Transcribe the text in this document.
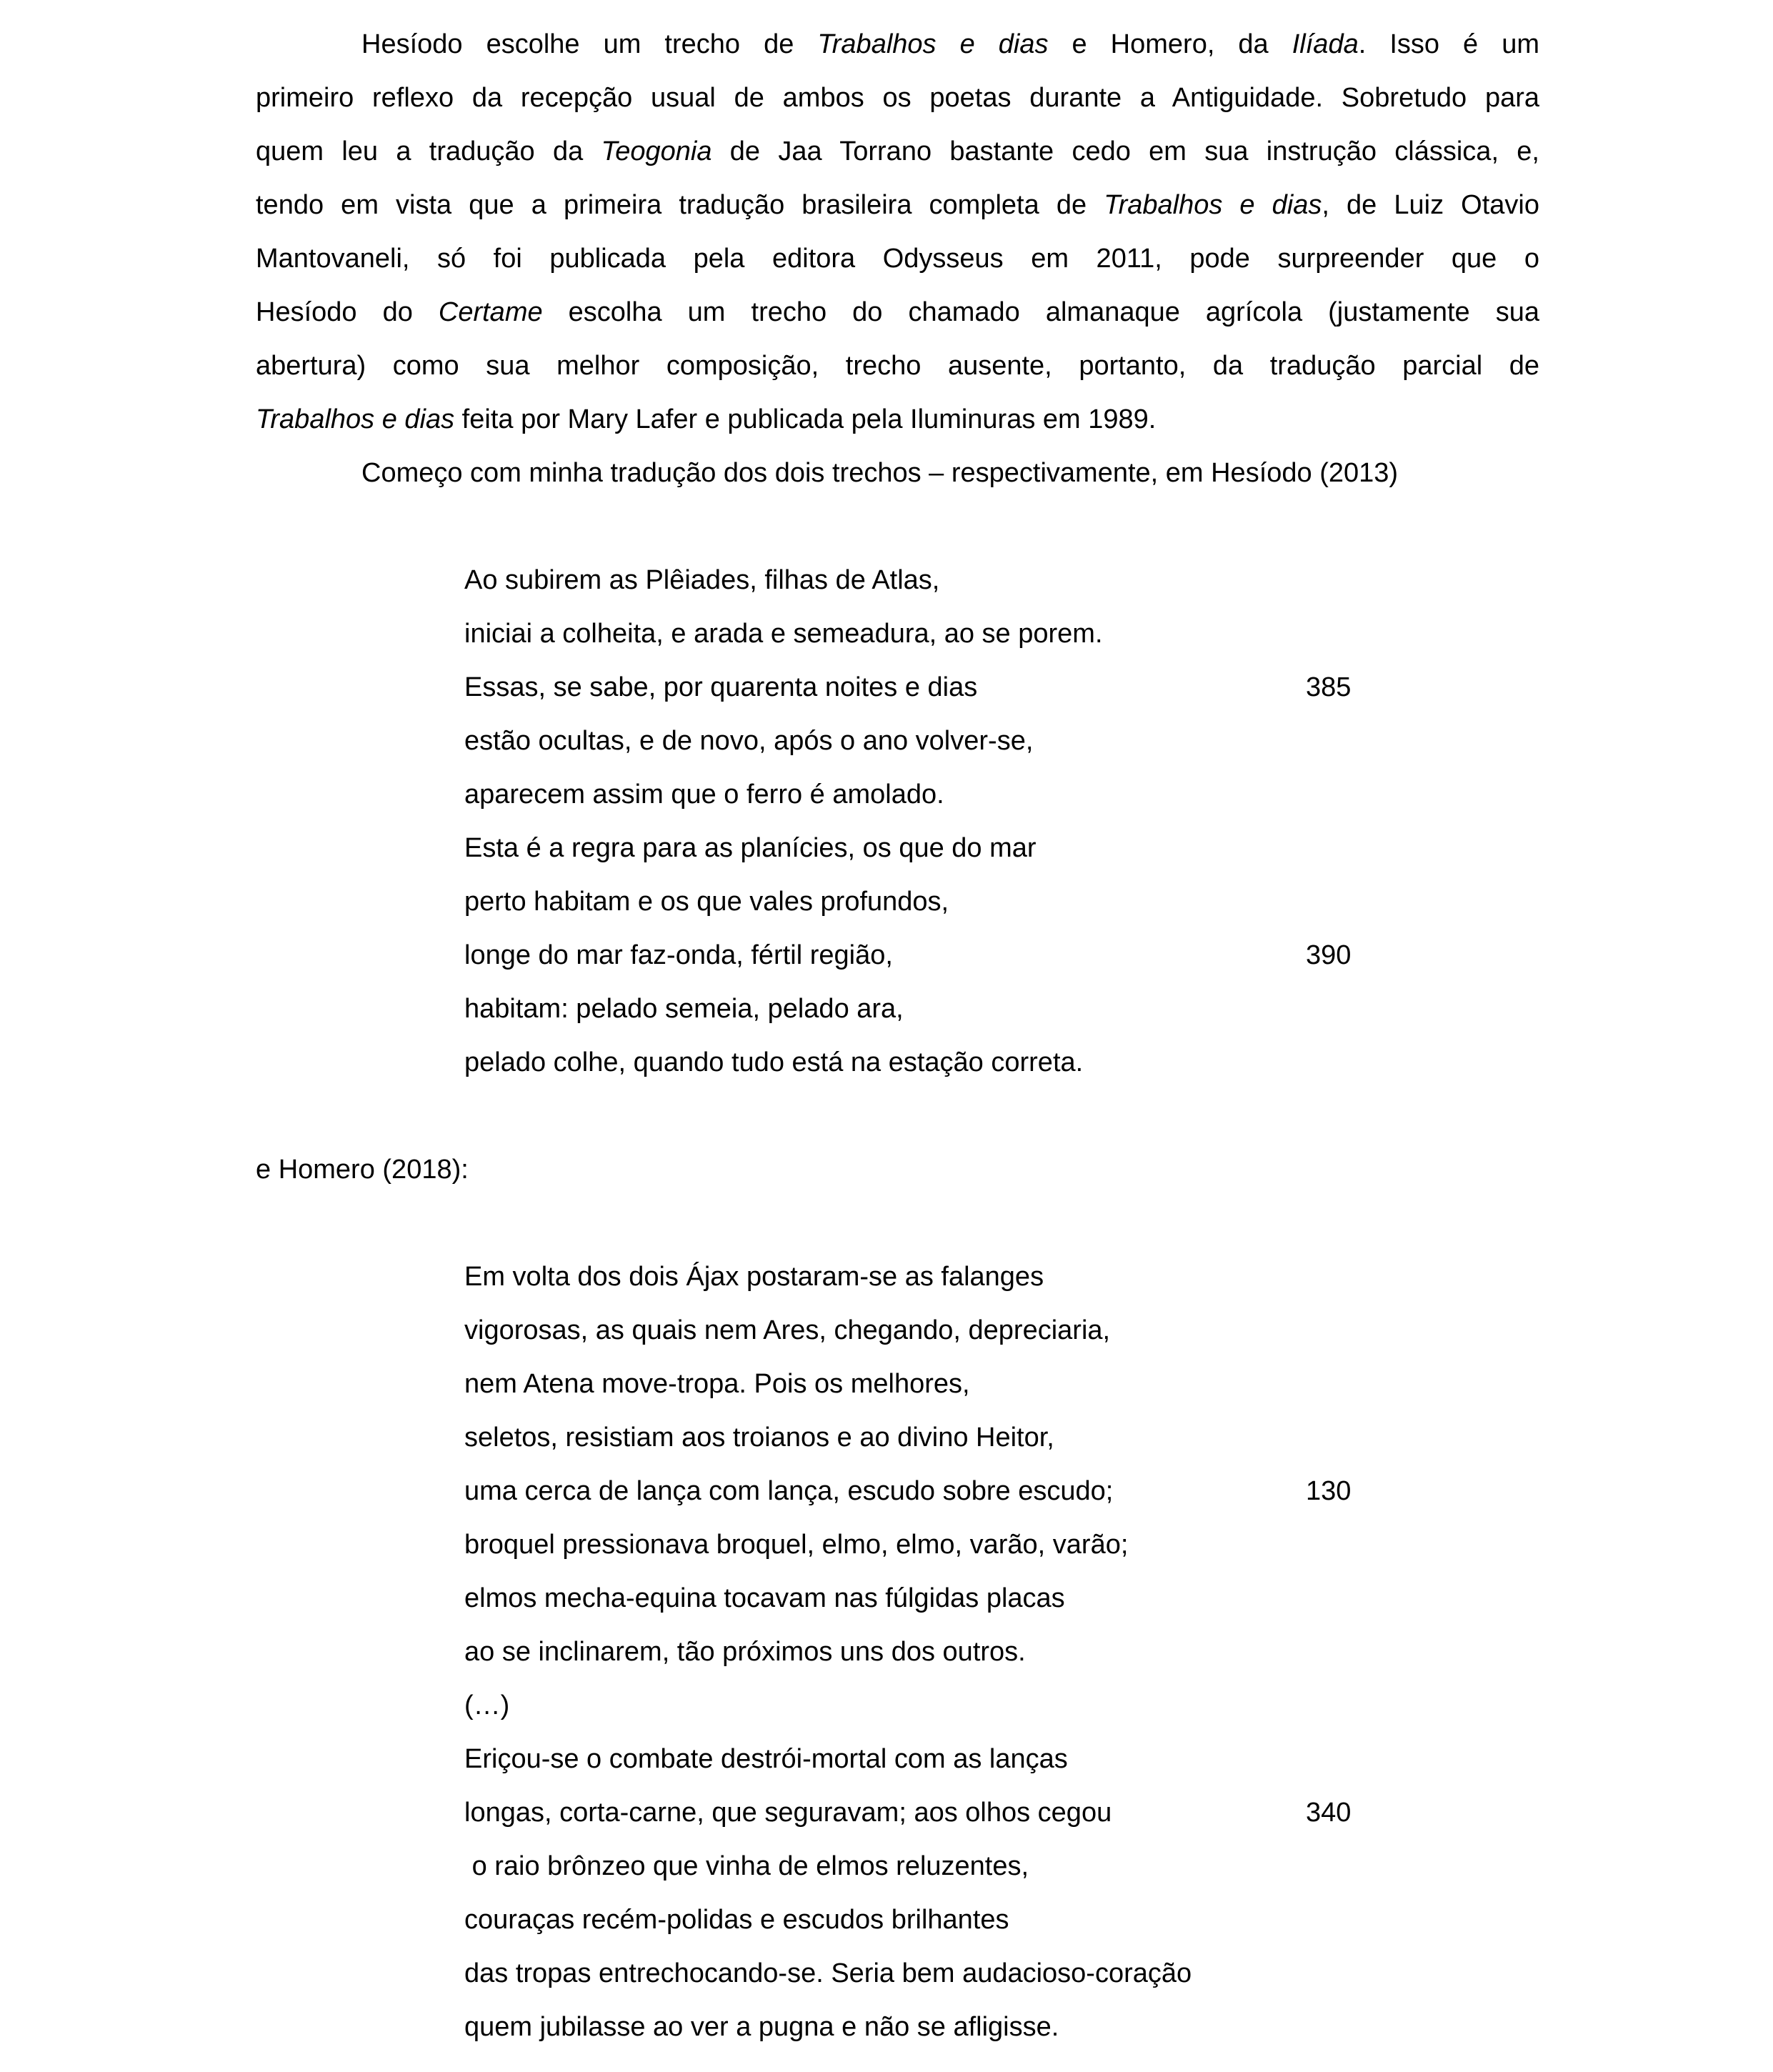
Hesíodo escolhe um trecho de Trabalhos e dias e Homero, da Ilíada. Isso é um
primeiro reflexo da recepção usual de ambos os poetas durante a Antiguidade. Sobretudo para
quem leu a tradução da Teogonia de Jaa Torrano bastante cedo em sua instrução clássica, e,
tendo em vista que a primeira tradução brasileira completa de Trabalhos e dias, de Luiz Otavio
Mantovaneli, só foi publicada pela editora Odysseus em 2011, pode surpreender que o
Hesíodo do Certame escolha um trecho do chamado almanaque agrícola (justamente sua
abertura) como sua melhor composição, trecho ausente, portanto, da tradução parcial de
Trabalhos e dias feita por Mary Lafer e publicada pela Iluminuras em 1989.
Começo com minha tradução dos dois trechos – respectivamente, em Hesíodo (2013)
Ao subirem as Plêiades, filhas de Atlas,
iniciai a colheita, e arada e semeadura, ao se porem.
Essas, se sabe, por quarenta noites e dias	385
estão ocultas, e de novo, após o ano volver-se,
aparecem assim que o ferro é amolado.
Esta é a regra para as planícies, os que do mar
perto habitam e os que vales profundos,
longe do mar faz-onda, fértil região,	390
habitam: pelado semeia, pelado ara,
pelado colhe, quando tudo está na estação correta.
e Homero (2018):
Em volta dos dois Ájax postaram-se as falanges
vigorosas, as quais nem Ares, chegando, depreciaria,
nem Atena move-tropa. Pois os melhores,
seletos, resistiam aos troianos e ao divino Heitor,
uma cerca de lança com lança, escudo sobre escudo;	130
broquel pressionava broquel, elmo, elmo, varão, varão;
elmos mecha-equina tocavam nas fúlgidas placas
ao se inclinarem, tão próximos uns dos outros.
(…)
Eriçou-se o combate destrói-mortal com as lanças
longas, corta-carne, que seguravam; aos olhos cegou	340
o raio brônzeo que vinha de elmos reluzentes,
couraças recém-polidas e escudos brilhantes
das tropas entrechocando-se. Seria bem audacioso-coração
quem jubilasse ao ver a pugna e não se afligisse.
